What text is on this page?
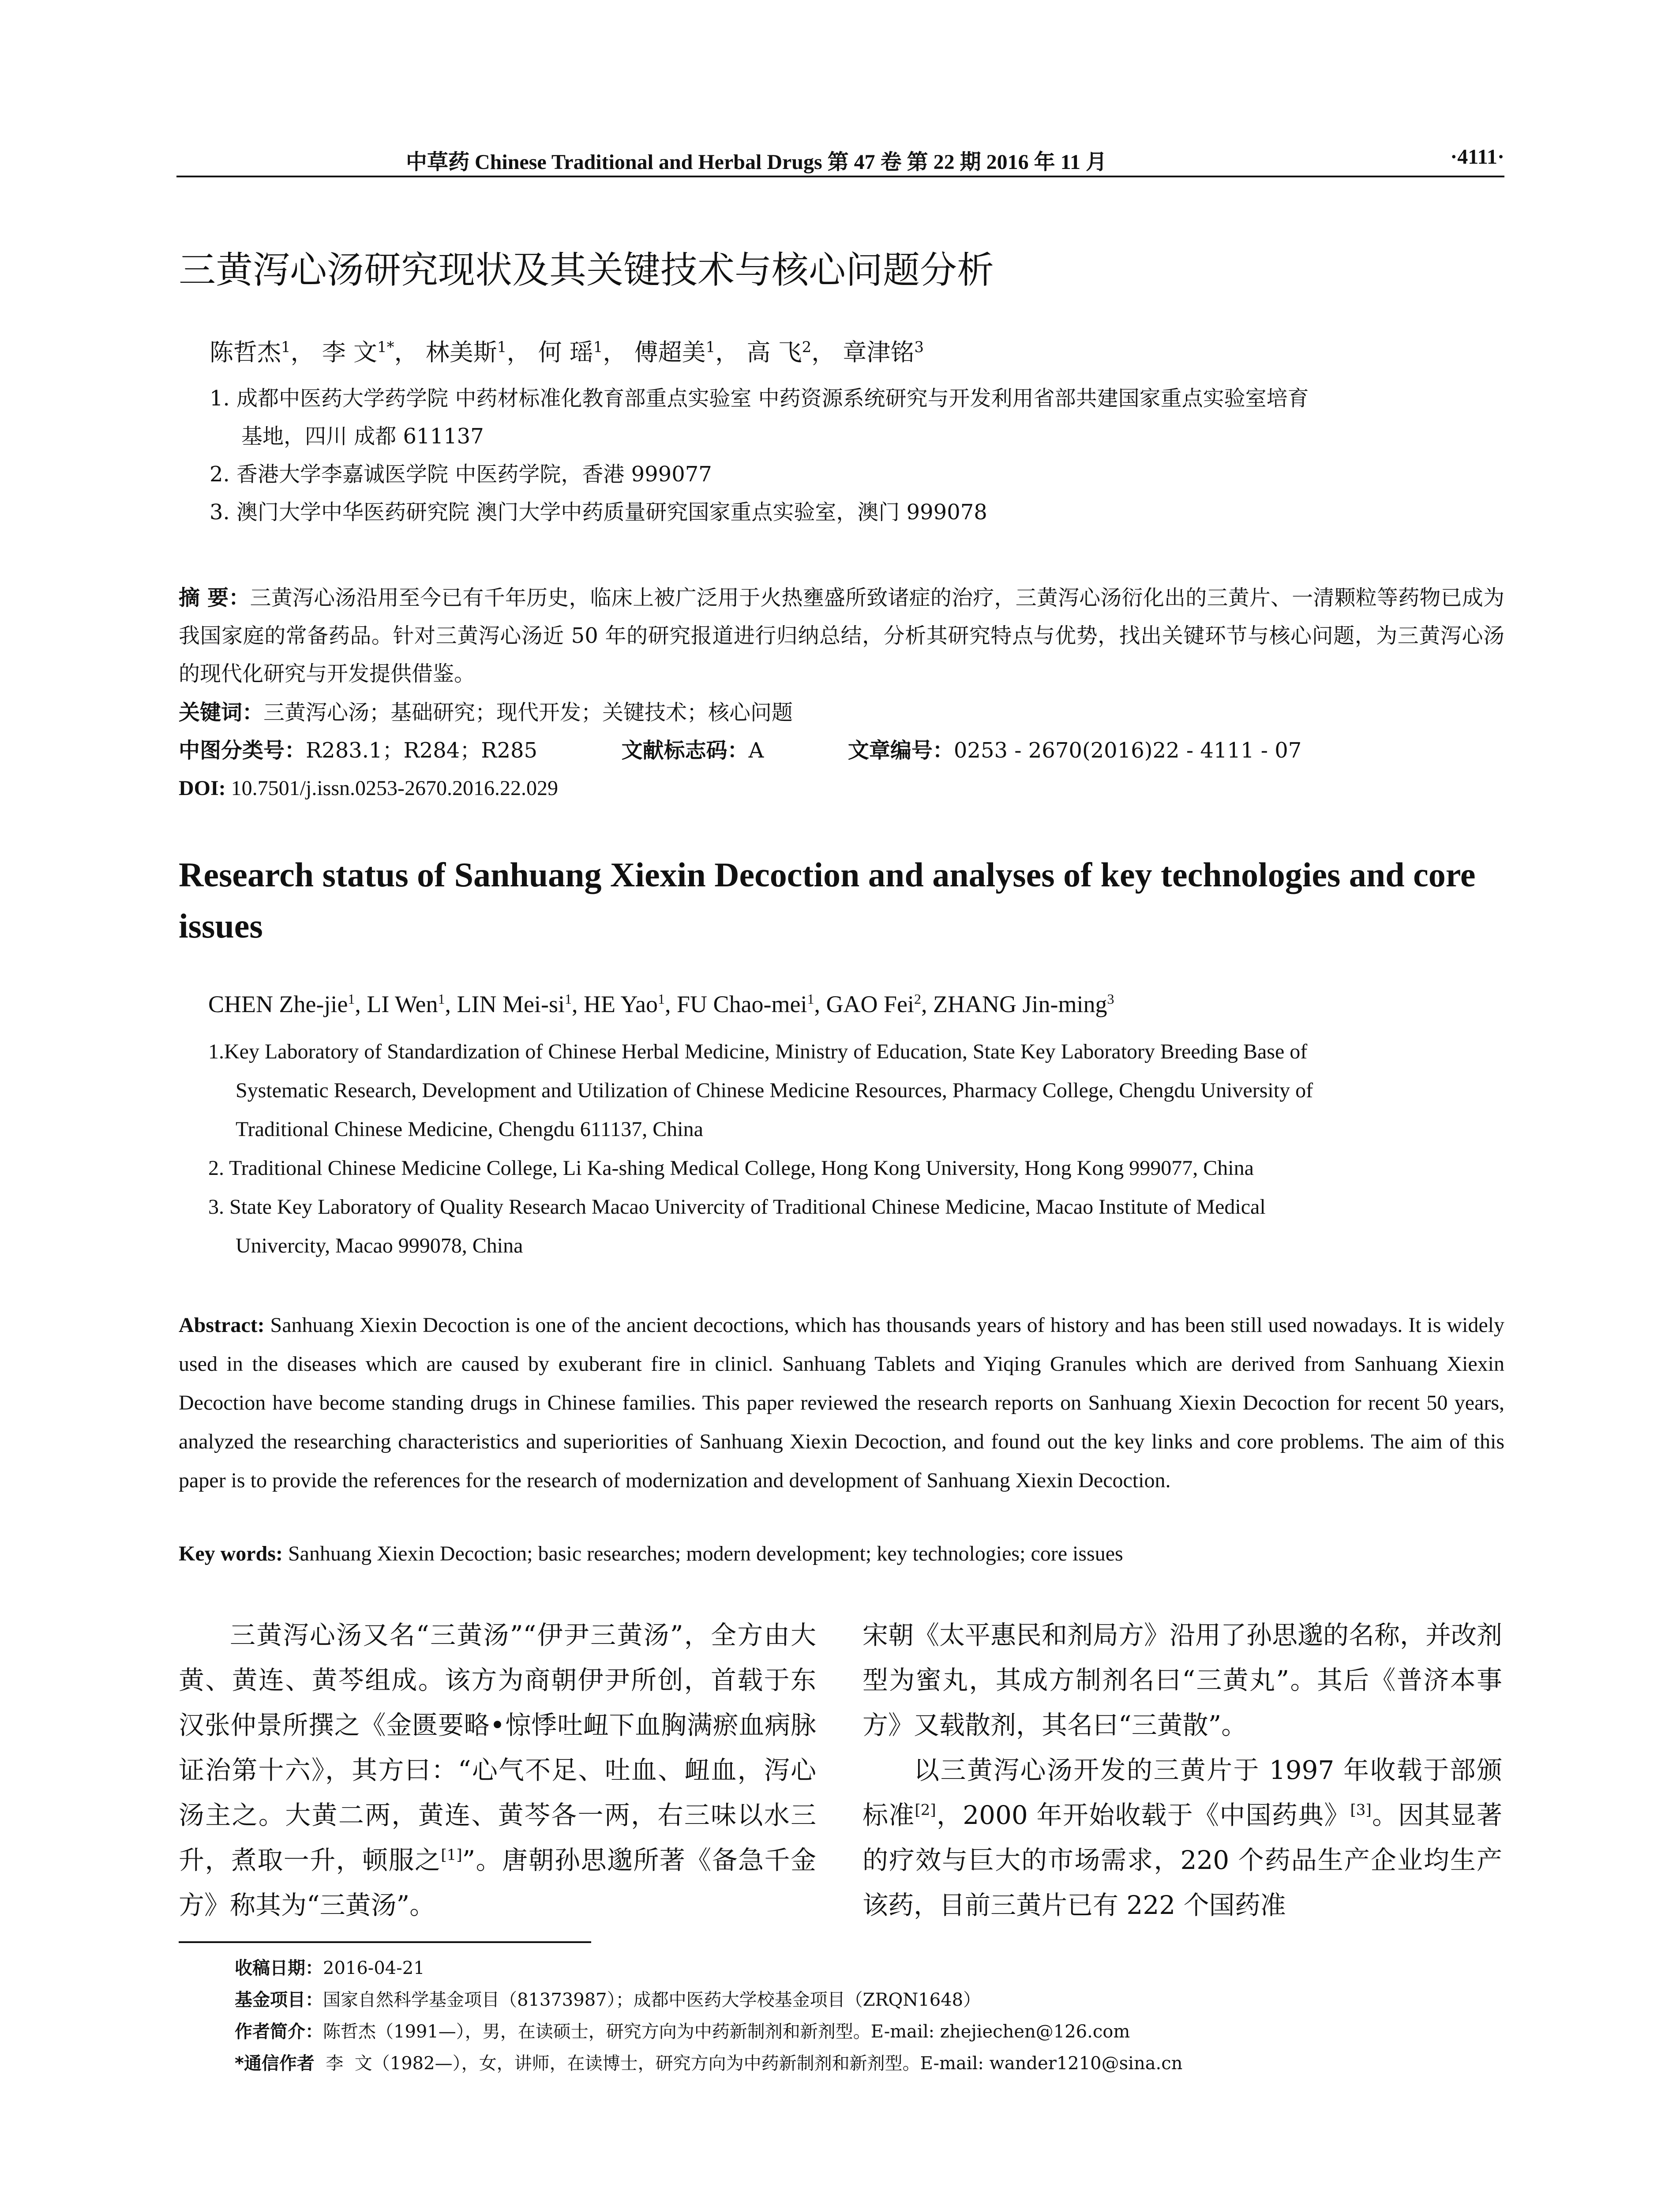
中草药 Chinese Traditional and Herbal Drugs 第 47 卷 第 22 期 2016 年 11 月	·4111·
三黄泻心汤研究现状及其关键技术与核心问题分析
陈哲杰$^1$， 李 文$^{1*}$， 林美斯$^1$， 何 瑶$^1$， 傅超美$^1$， 高 飞$^2$， 章津铭$^3$
1. 成都中医药大学药学院 中药材标准化教育部重点实验室 中药资源系统研究与开发利用省部共建国家重点实验室培育
基地，四川 成都 611137
2. 香港大学李嘉诚医学院 中医药学院，香港 999077
3. 澳门大学中华医药研究院 澳门大学中药质量研究国家重点实验室，澳门 999078
摘 要：三黄泻心汤沿用至今已有千年历史，临床上被广泛用于火热壅盛所致诸症的治疗，三黄泻心汤衍化出的三黄片、一清颗粒等药物已成为我国家庭的常备药品。针对三黄泻心汤近 50 年的研究报道进行归纳总结，分析其研究特点与优势，找出关键环节与核心问题，为三黄泻心汤的现代化研究与开发提供借鉴。
关键词：三黄泻心汤；基础研究；现代开发；关键技术；核心问题
中图分类号：R283.1；R284；R285	文献标志码：A	文章编号：0253 - 2670(2016)22 - 4111 - 07
DOI: 10.7501/j.issn.0253-2670.2016.22.029
Research status of Sanhuang Xiexin Decoction and analyses of key technologies and core issues
CHEN Zhe-jie$^1$, LI Wen$^1$, LIN Mei-$si^1$, HE Yao$^1$, FU Chao-mei$^1$, GAO Fei$^2$, ZHANG Jin-ming$^3$
1.Key Laboratory of Standardization of Chinese Herbal Medicine, Ministry of Education, State Key Laboratory Breeding Base of
Systematic Research, Development and Utilization of Chinese Medicine Resources, Pharmacy College, Chengdu University of
Traditional Chinese Medicine, Chengdu 611137, China
2. Traditional Chinese Medicine College, Li Ka-shing Medical College, Hong Kong University, Hong Kong 999077, China
3. State Key Laboratory of Quality Research Macao Univercity of Traditional Chinese Medicine, Macao Institute of Medical
Univercity, Macao 999078, China
Abstract: Sanhuang Xiexin Decoction is one of the ancient decoctions, which has thousands years of history and has been still used nowadays. It is widely used in the diseases which are caused by exuberant fire in clinicl. Sanhuang Tablets and Yiqing Granules which are derived from Sanhuang Xiexin Decoction have become standing drugs in Chinese families. This paper reviewed the research reports on Sanhuang Xiexin Decoction for recent 50 years, analyzed the researching characteristics and superiorities of Sanhuang Xiexin Decoction, and found out the key links and core problems. The aim of this paper is to provide the references for the research of modernization and development of Sanhuang Xiexin Decoction.
Key words: Sanhuang Xiexin Decoction; basic researches; modern development; key technologies; core issues

三黄泻心汤又名“三黄汤”“伊尹三黄汤”，全方由大黄、黄连、黄芩组成。该方为商朝伊尹所创，首载于东汉张仲景所撰之《金匮要略•惊悸吐衄下血胸满瘀血病脉证治第十六》，其方曰：“心气不足、吐血、衄血，泻心汤主之。大黄二两，黄连、黄芩各一两，右三味以水三升，煮取一升，顿服之[1]”。唐朝孙思邈所著《备急千金方》称其为“三黄汤”。

宋朝《太平惠民和剂局方》沿用了孙思邈的名称，并改剂型为蜜丸，其成方制剂名曰“三黄丸”。其后《普济本事方》又载散剂，其名曰“三黄散”。

以三黄泻心汤开发的三黄片于 1997 年收载于部颁标准[2]，2000 年开始收载于《中国药典》[3]。因其显著的疗效与巨大的市场需求，220 个药品生产企业均生产该药，目前三黄片已有 222 个国药准

收稿日期：2016-04-21
基金项目：国家自然科学基金项目（81373987）；成都中医药大学校基金项目（ZRQN1648）
作者简介：陈哲杰（1991—），男，在读硕士，研究方向为中药新制剂和新剂型。E-mail: zhejiechen@126.com
*通信作者  李  文（1982—），女，讲师，在读博士，研究方向为中药新制剂和新剂型。E-mail: wander1210@sina.cn
